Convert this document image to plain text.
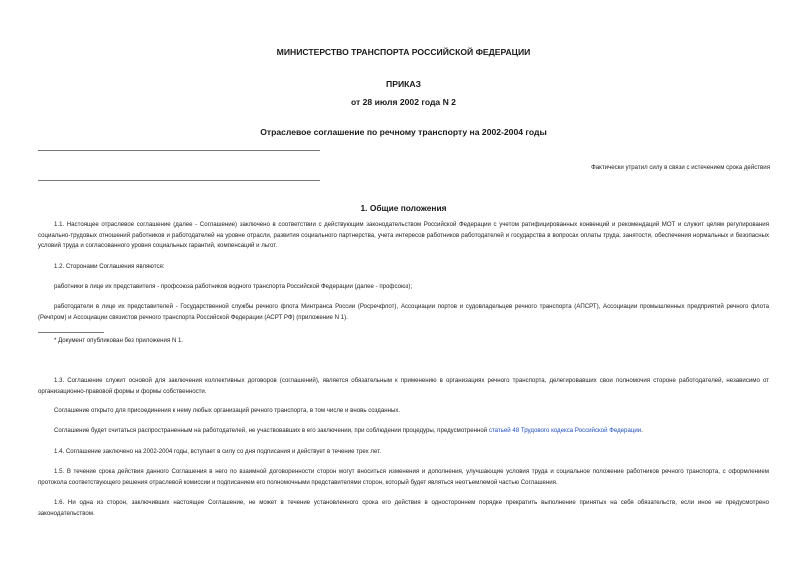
МИНИСТЕРСТВО ТРАНСПОРТА РОССИЙСКОЙ ФЕДЕРАЦИИ
ПРИКАЗ
от 28 июля 2002 года N 2
Отраслевое соглашение по речному транспорту на 2002-2004 годы
Фактически утратил силу в связи с истечением срока действия
1. Общие положения

1.1. Настоящее отраслевое соглашение (далее - Соглашение) заключено в соответствии с действующим законодательством Российской Федерации с учетом ратифицированных конвенций и рекомендаций МОТ и служит целям регулирования социально-трудовых отношений работников и работодателей на уровне отрасли, развития социального партнерства, учета интересов работников работодателей и государства в вопросах оплаты труда, занятости, обеспечения нормальных и безопасных условий труда и согласованного уровня социальных гарантий, компенсаций и льгот.

1.2. Сторонами Соглашения являются:

работники в лице их представителя - профсоюза работников водного транспорта Российской Федерации (далее - профсоюз);

работодатели в лице их представителей - Государственной службы речного флота Минтранса России (Росречфлот), Ассоциации портов и судовладельцев речного транспорта (АПСРТ), Ассоциации промышленных предприятий речного флота (Речпром) и Ассоциации связистов речного транспорта Российской Федерации (АСРТ РФ) (приложение N 1).

* Документ опубликован без приложения N 1.

1.3. Соглашение служит основой для заключения коллективных договоров (соглашений), является обязательным к применению в организациях речного транспорта, делегировавших свои полномочия стороне работодателей, независимо от организационно-правовой формы и формы собственности.

Соглашение открыто для присоединения к нему любых организаций речного транспорта, в том числе и вновь созданных.

Соглашение будет считаться распространенным на работодателей, не участвовавших в его заключении, при соблюдении процедуры, предусмотренной статьей 48 Трудового кодекса Российской Федерации.

1.4. Соглашение заключено на 2002-2004 годы, вступает в силу со дня подписания и действует в течение трех лет.

1.5. В течение срока действия данного Соглашения в него по взаимной договоренности сторон могут вноситься изменения и дополнения, улучшающие условия труда и социальное положение работников речного транспорта, с оформлением протокола соответствующего решения отраслевой комиссии и подписанием его полномочными представителями сторон, который будет являться неотъемлемой частью Соглашения.

1.6. Ни одна из сторон, заключивших настоящее Соглашение, не может в течение установленного срока его действия в одностороннем порядке прекратить выполнение принятых на себя обязательств, если иное не предусмотрено законодательством.
